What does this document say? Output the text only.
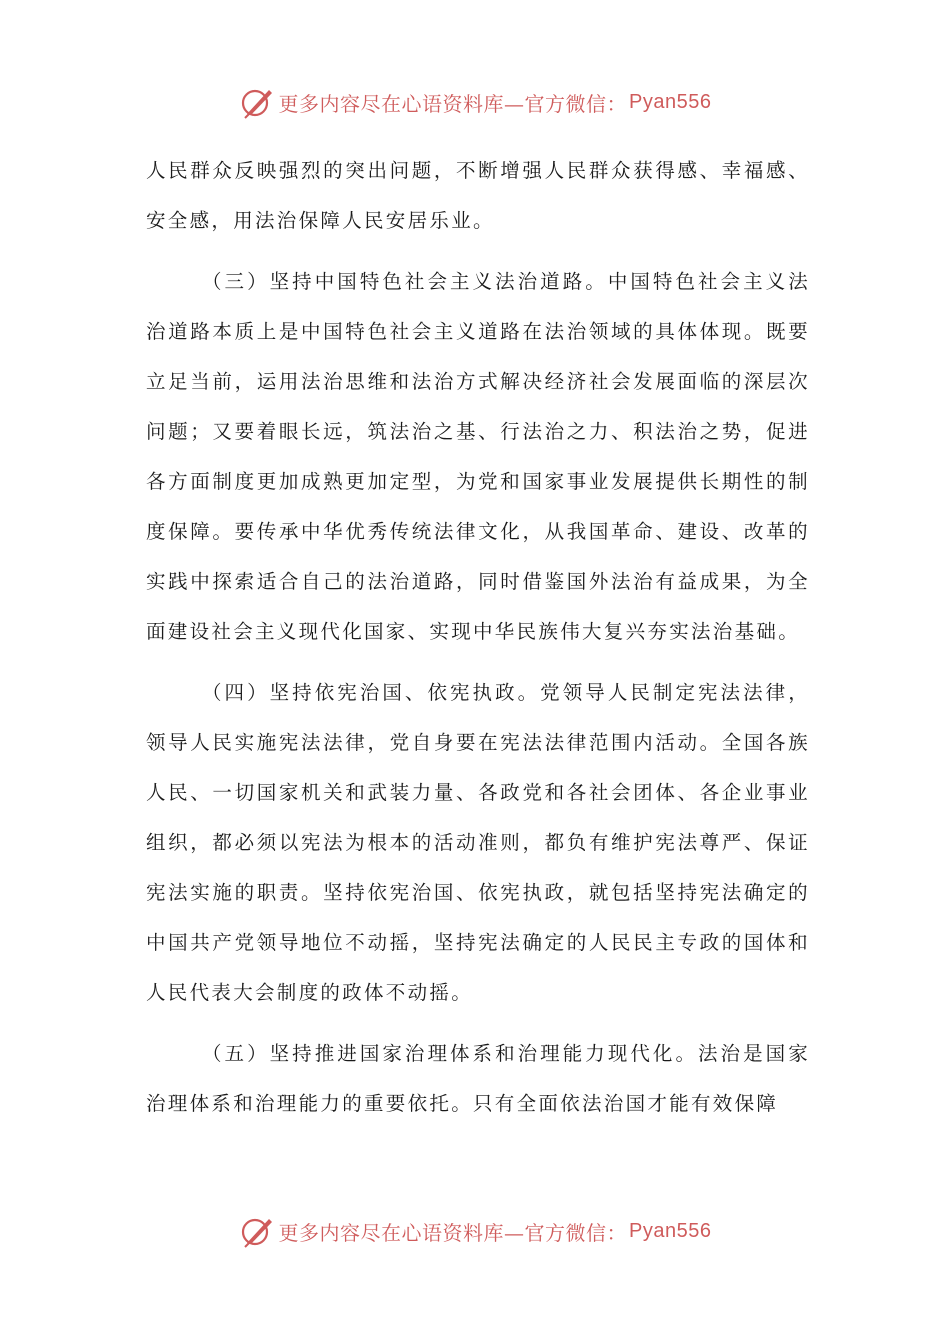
更多内容尽在心语资料库—官方微信： Pyan556

人民群众反映强烈的突出问题，不断增强人民群众获得感、幸福感、安全感，用法治保障人民安居乐业。

（三）坚持中国特色社会主义法治道路。中国特色社会主义法治道路本质上是中国特色社会主义道路在法治领域的具体体现。既要立足当前，运用法治思维和法治方式解决经济社会发展面临的深层次问题；又要着眼长远，筑法治之基、行法治之力、积法治之势，促进各方面制度更加成熟更加定型，为党和国家事业发展提供长期性的制度保障。要传承中华优秀传统法律文化，从我国革命、建设、改革的实践中探索适合自己的法治道路，同时借鉴国外法治有益成果，为全面建设社会主义现代化国家、实现中华民族伟大复兴夯实法治基础。

（四）坚持依宪治国、依宪执政。党领导人民制定宪法法律，领导人民实施宪法法律，党自身要在宪法法律范围内活动。全国各族人民、一切国家机关和武装力量、各政党和各社会团体、各企业事业组织，都必须以宪法为根本的活动准则，都负有维护宪法尊严、保证宪法实施的职责。坚持依宪治国、依宪执政，就包括坚持宪法确定的中国共产党领导地位不动摇，坚持宪法确定的人民民主专政的国体和人民代表大会制度的政体不动摇。

（五）坚持推进国家治理体系和治理能力现代化。法治是国家治理体系和治理能力的重要依托。只有全面依法治国才能有效保障

更多内容尽在心语资料库—官方微信： Pyan556
